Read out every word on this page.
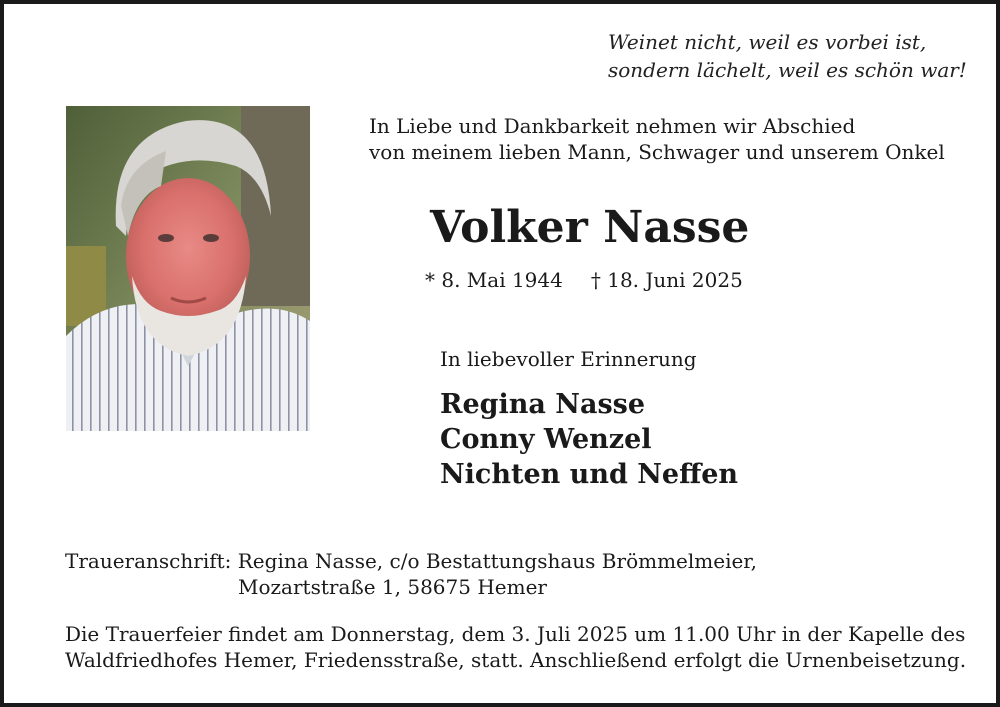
Weinet nicht, weil es vorbei ist,
sondern lächelt, weil es schön war!
In Liebe und Dankbarkeit nehmen wir Abschied
von meinem lieben Mann, Schwager und unserem Onkel
Volker Nasse
* 8. Mai 1944 † 18. Juni 2025
In liebevoller Erinnerung
Regina Nasse
Conny Wenzel
Nichten und Neffen
Traueranschrift: Regina Nasse, c/o Bestattungshaus Brömmelmeier,
Mozartstraße 1, 58675 Hemer
Die Trauerfeier findet am Donnerstag, dem 3. Juli 2025 um 11.00 Uhr in der Kapelle des
Waldfriedhofes Hemer, Friedensstraße, statt. Anschließend erfolgt die Urnenbeisetzung.
